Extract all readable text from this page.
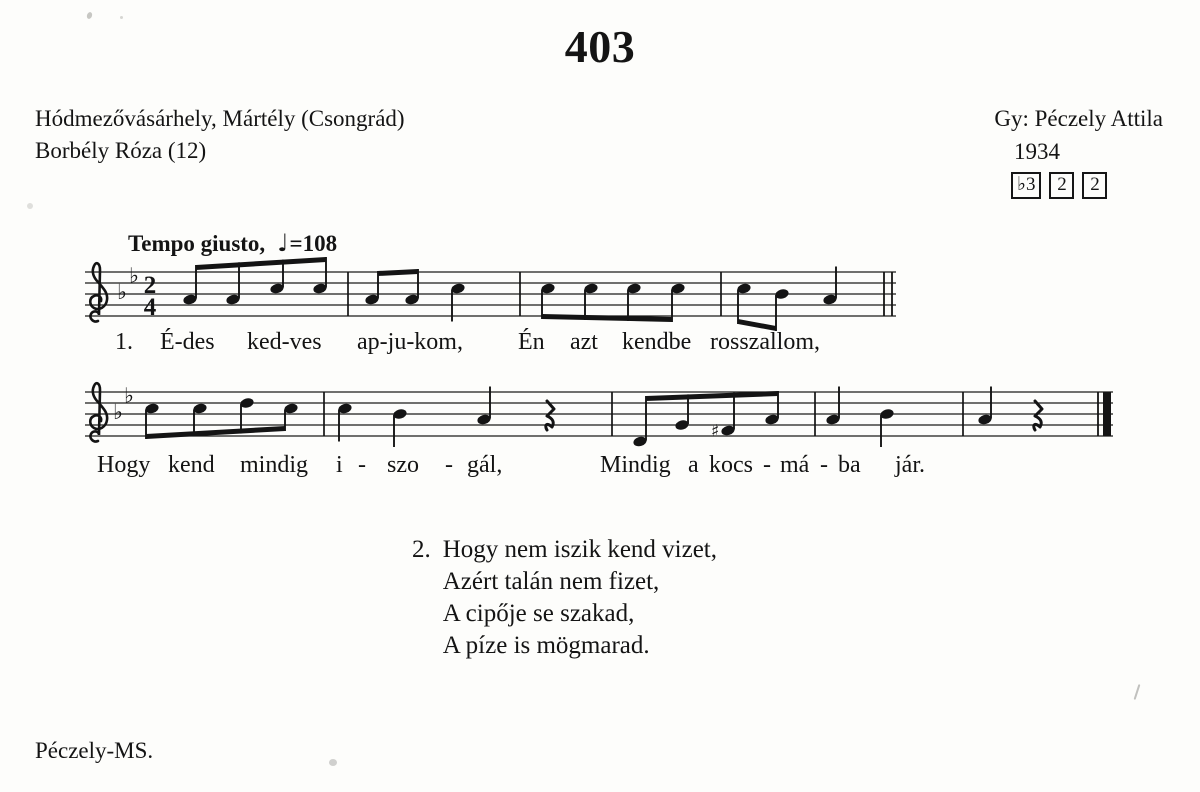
403
Hódmezővásárhely, Mártély (Csongrád)
Borbély Róza (12)
Gy: Péczely Attila
1934
♭3	2	2
Tempo giusto, ♩=108
♭
♭ 2
4
♭
♭
♯
1. É-des ked-ves ap-ju-kom, Én azt kendbe rosszallom,
Hogy kend mindig i - szo - gál,	Mindig a kocs - má - ba jár.
2. Hogy nem iszik kend vizet,
Azért talán nem fizet,
A cipője se szakad,
A píze is mögmarad.
Péczely-MS.
